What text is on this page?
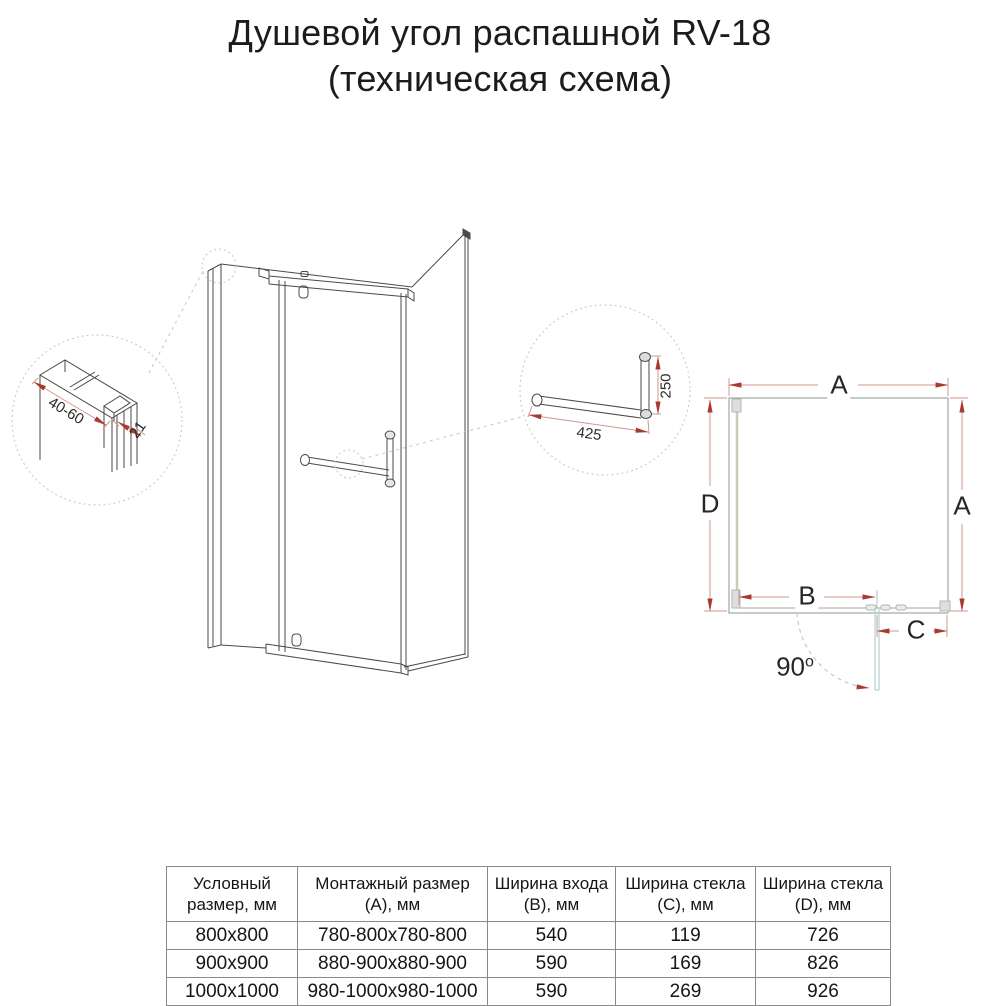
Душевой угол распашной RV-18
(техническая схема)
40-60
21	425
250	A
D	A
B
C
90$^o$
Условный размер, мм	Монтажный размер (А), мм	Ширина входа (B), мм	Ширина стекла (C), мм	Ширина стекла (D), мм
800x800	780-800х780-800	540	119	726
900x900	880-900х880-900	590	169	826
1000x1000	980-1000х980-1000	590	269	926
